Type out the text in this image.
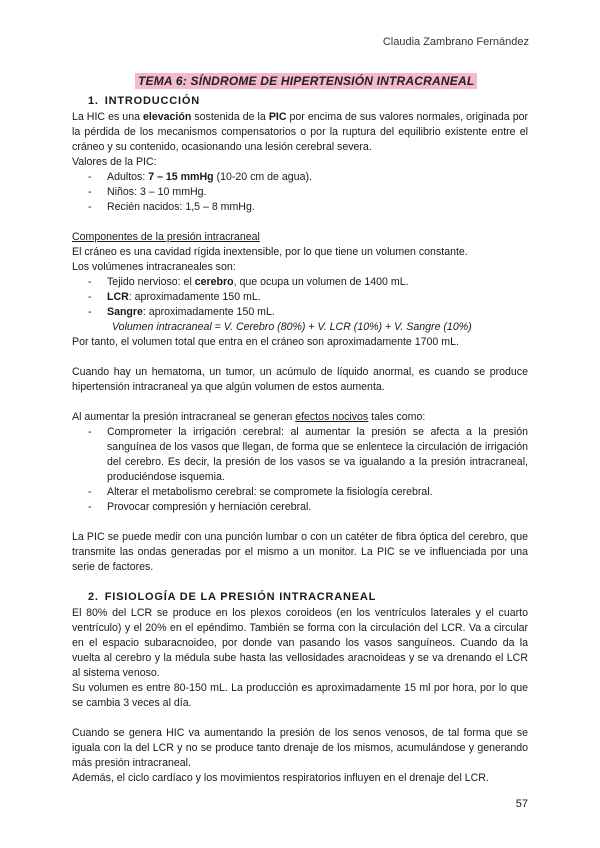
Claudia Zambrano Fernández
TEMA 6: SÍNDROME DE HIPERTENSIÓN INTRACRANEAL
1. INTRODUCCIÓN

La HIC es una elevación sostenida de la PIC por encima de sus valores normales, originada por la pérdida de los mecanismos compensatorios o por la ruptura del equilibrio existente entre el cráneo y su contenido, ocasionando una lesión cerebral severa.

Valores de la PIC:

- Adultos: 7 – 15 mmHg (10-20 cm de agua).
- Niños: 3 – 10 mmHg.
- Recién nacidos: 1,5 – 8 mmHg.

Componentes de la presión intracraneal

El cráneo es una cavidad rígida inextensible, por lo que tiene un volumen constante.

Los volúmenes intracraneales son:

- Tejido nervioso: el cerebro, que ocupa un volumen de 1400 mL.
- LCR: aproximadamente 150 mL.
- Sangre: aproximadamente 150 mL.

Volumen intracraneal = V. Cerebro (80%) + V. LCR (10%) + V. Sangre (10%)

Por tanto, el volumen total que entra en el cráneo son aproximadamente 1700 mL.

Cuando hay un hematoma, un tumor, un acúmulo de líquido anormal, es cuando se produce hipertensión intracraneal ya que algún volumen de estos aumenta.

Al aumentar la presión intracraneal se generan efectos nocivos tales como:

- Comprometer la irrigación cerebral: al aumentar la presión se afecta a la presión sanguínea de los vasos que llegan, de forma que se enlentece la circulación de irrigación del cerebro. Es decir, la presión de los vasos se va igualando a la presión intracraneal, produciéndose isquemia.
- Alterar el metabolismo cerebral: se compromete la fisiología cerebral.
- Provocar compresión y herniación cerebral.

La PIC se puede medir con una punción lumbar o con un catéter de fibra óptica del cerebro, que transmite las ondas generadas por el mismo a un monitor. La PIC se ve influenciada por una serie de factores.

2. FISIOLOGÍA DE LA PRESIÓN INTRACRANEAL

El 80% del LCR se produce en los plexos coroideos (en los ventrículos laterales y el cuarto ventrículo) y el 20% en el epéndimo. También se forma con la circulación del LCR. Va a circular en el espacio subaracnoideo, por donde van pasando los vasos sanguíneos. Cuando da la vuelta al cerebro y la médula sube hasta las vellosidades aracnoideas y se va drenando el LCR al sistema venoso.

Su volumen es entre 80-150 mL. La producción es aproximadamente 15 ml por hora, por lo que se cambia 3 veces al día.

Cuando se genera HIC va aumentando la presión de los senos venosos, de tal forma que se iguala con la del LCR y no se produce tanto drenaje de los mismos, acumulándose y generando más presión intracraneal.

Además, el ciclo cardíaco y los movimientos respiratorios influyen en el drenaje del LCR.

57
